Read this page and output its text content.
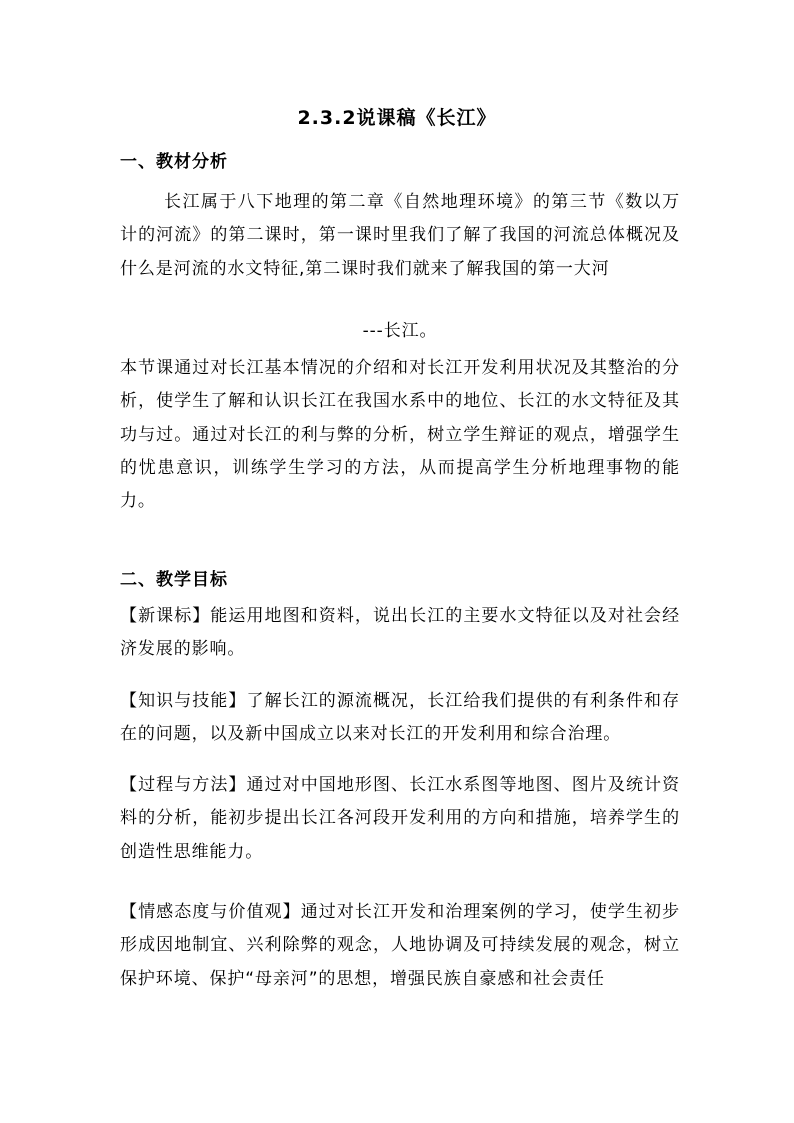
2.3.2说课稿《长江》
一、教材分析
长江属于八下地理的第二章《自然地理环境》的第三节《数以万计的河流》的第二课时，第一课时里我们了解了我国的河流总体概况及什么是河流的水文特征,第二课时我们就来了解我国的第一大河
---长江。
本节课通过对长江基本情况的介绍和对长江开发利用状况及其整治的分析，使学生了解和认识长江在我国水系中的地位、长江的水文特征及其功与过。通过对长江的利与弊的分析，树立学生辩证的观点，增强学生的忧患意识，训练学生学习的方法，从而提高学生分析地理事物的能力。
二、教学目标
【新课标】能运用地图和资料，说出长江的主要水文特征以及对社会经济发展的影响。
【知识与技能】了解长江的源流概况，长江给我们提供的有利条件和存在的问题，以及新中国成立以来对长江的开发利用和综合治理。
【过程与方法】通过对中国地形图、长江水系图等地图、图片及统计资料的分析，能初步提出长江各河段开发利用的方向和措施，培养学生的创造性思维能力。
【情感态度与价值观】通过对长江开发和治理案例的学习，使学生初步形成因地制宜、兴利除弊的观念，人地协调及可持续发展的观念，树立保护环境、保护“母亲河”的思想，增强民族自豪感和社会责任
